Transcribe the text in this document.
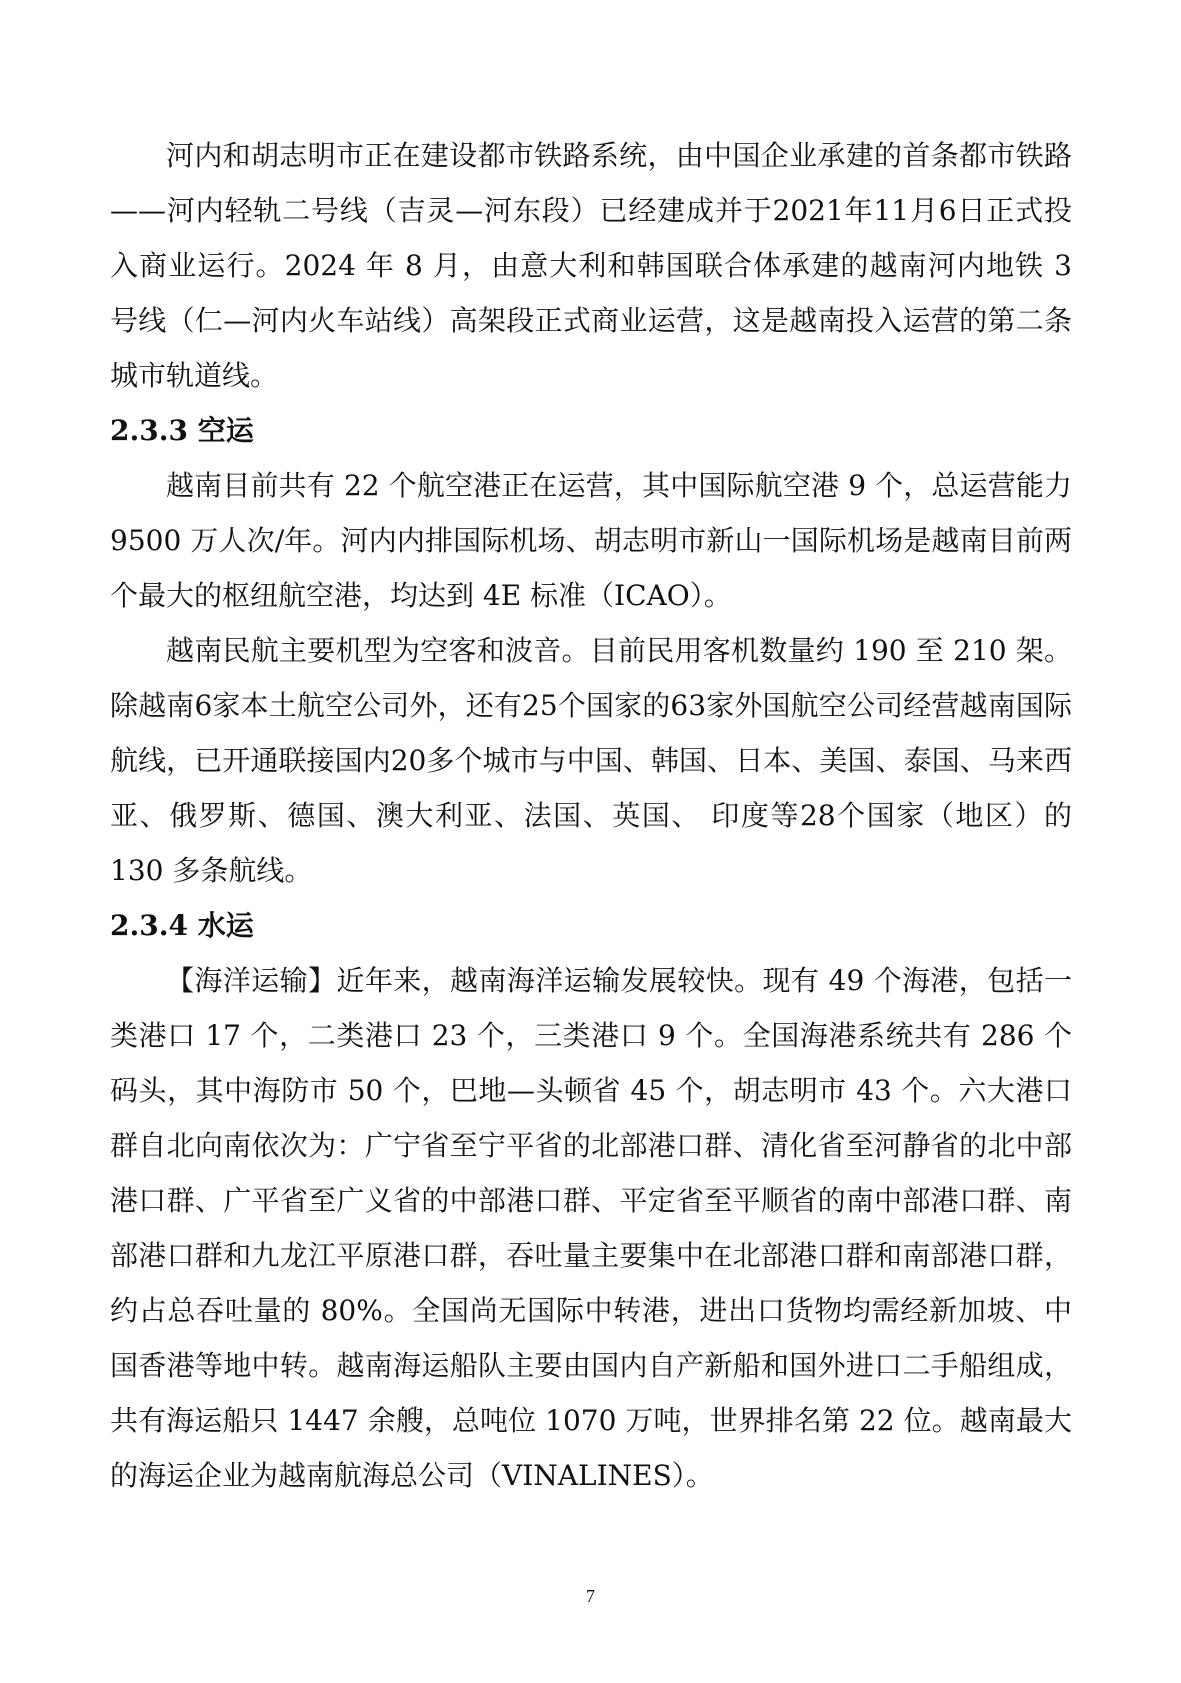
河内和胡志明市正在建设都市铁路系统，由中国企业承建的首条都市铁路——河内轻轨二号线（吉灵—河东段）已经建成并于2021年11月6日正式投入商业运行。2024 年 8 月，由意大利和韩国联合体承建的越南河内地铁 3 号线（仁—河内火车站线）高架段正式商业运营，这是越南投入运营的第二条城市轨道线。

2.3.3 空运

越南目前共有 22 个航空港正在运营，其中国际航空港 9 个，总运营能力 9500 万人次/年。河内内排国际机场、胡志明市新山一国际机场是越南目前两个最大的枢纽航空港，均达到 4E 标准（ICAO）。

越南民航主要机型为空客和波音。目前民用客机数量约 190 至 210 架。除越南6家本土航空公司外，还有25个国家的63家外国航空公司经营越南国际航线，已开通联接国内20多个城市与中国、韩国、日本、美国、泰国、马来西亚、俄罗斯、德国、澳大利亚、法国、英国、 印度等28个国家（地区）的 130 多条航线。

2.3.4 水运

【海洋运输】近年来，越南海洋运输发展较快。现有 49 个海港，包括一类港口 17 个，二类港口 23 个，三类港口 9 个。全国海港系统共有 286 个码头，其中海防市 50 个，巴地—头顿省 45 个，胡志明市 43 个。六大港口群自北向南依次为：广宁省至宁平省的北部港口群、清化省至河静省的北中部港口群、广平省至广义省的中部港口群、平定省至平顺省的南中部港口群、南部港口群和九龙江平原港口群，吞吐量主要集中在北部港口群和南部港口群，约占总吞吐量的 80%。全国尚无国际中转港，进出口货物均需经新加坡、中国香港等地中转。越南海运船队主要由国内自产新船和国外进口二手船组成，共有海运船只 1447 余艘，总吨位 1070 万吨，世界排名第 22 位。越南最大的海运企业为越南航海总公司（VINALINES）。

7
